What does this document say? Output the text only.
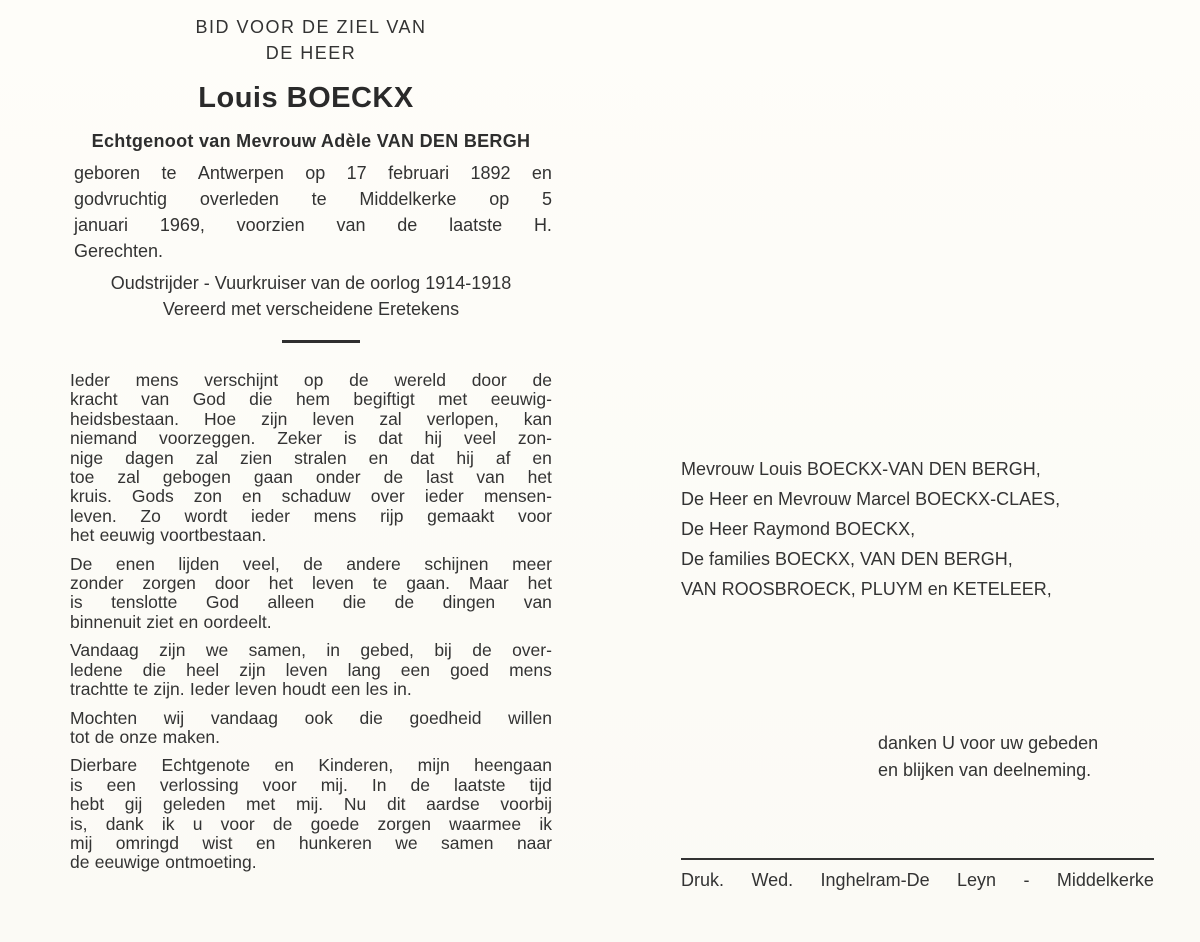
BID VOOR DE ZIEL VAN
DE HEER
Louis BOECKX
Echtgenoot van Mevrouw Adèle VAN DEN BERGH
geboren te Antwerpen op 17 februari 1892 en
godvruchtig overleden te Middelkerke op 5
januari 1969, voorzien van de laatste H.
Gerechten.
Oudstrijder - Vuurkruiser van de oorlog 1914-1918
Vereerd met verscheidene Eretekens
Ieder mens verschijnt op de wereld door de
kracht van God die hem begiftigt met eeuwig-
heidsbestaan. Hoe zijn leven zal verlopen, kan
niemand voorzeggen. Zeker is dat hij veel zon-
nige dagen zal zien stralen en dat hij af en
toe zal gebogen gaan onder de last van het
kruis. Gods zon en schaduw over ieder mensen-
leven. Zo wordt ieder mens rijp gemaakt voor
het eeuwig voortbestaan.
De enen lijden veel, de andere schijnen meer
zonder zorgen door het leven te gaan. Maar het
is tenslotte God alleen die de dingen van
binnenuit ziet en oordeelt.
Vandaag zijn we samen, in gebed, bij de over-
ledene die heel zijn leven lang een goed mens
trachtte te zijn. Ieder leven houdt een les in.
Mochten wij vandaag ook die goedheid willen
tot de onze maken.
Dierbare Echtgenote en Kinderen, mijn heengaan
is een verlossing voor mij. In de laatste tijd
hebt gij geleden met mij. Nu dit aardse voorbij
is, dank ik u voor de goede zorgen waarmee ik
mij omringd wist en hunkeren we samen naar
de eeuwige ontmoeting.
Mevrouw Louis BOECKX-VAN DEN BERGH,
De Heer en Mevrouw Marcel BOECKX-CLAES,
De Heer Raymond BOECKX,
De families BOECKX, VAN DEN BERGH,
VAN ROOSBROECK, PLUYM en KETELEER,
danken U voor uw gebeden
en blijken van deelneming.
Druk. Wed. Inghelram-De Leyn - Middelkerke
